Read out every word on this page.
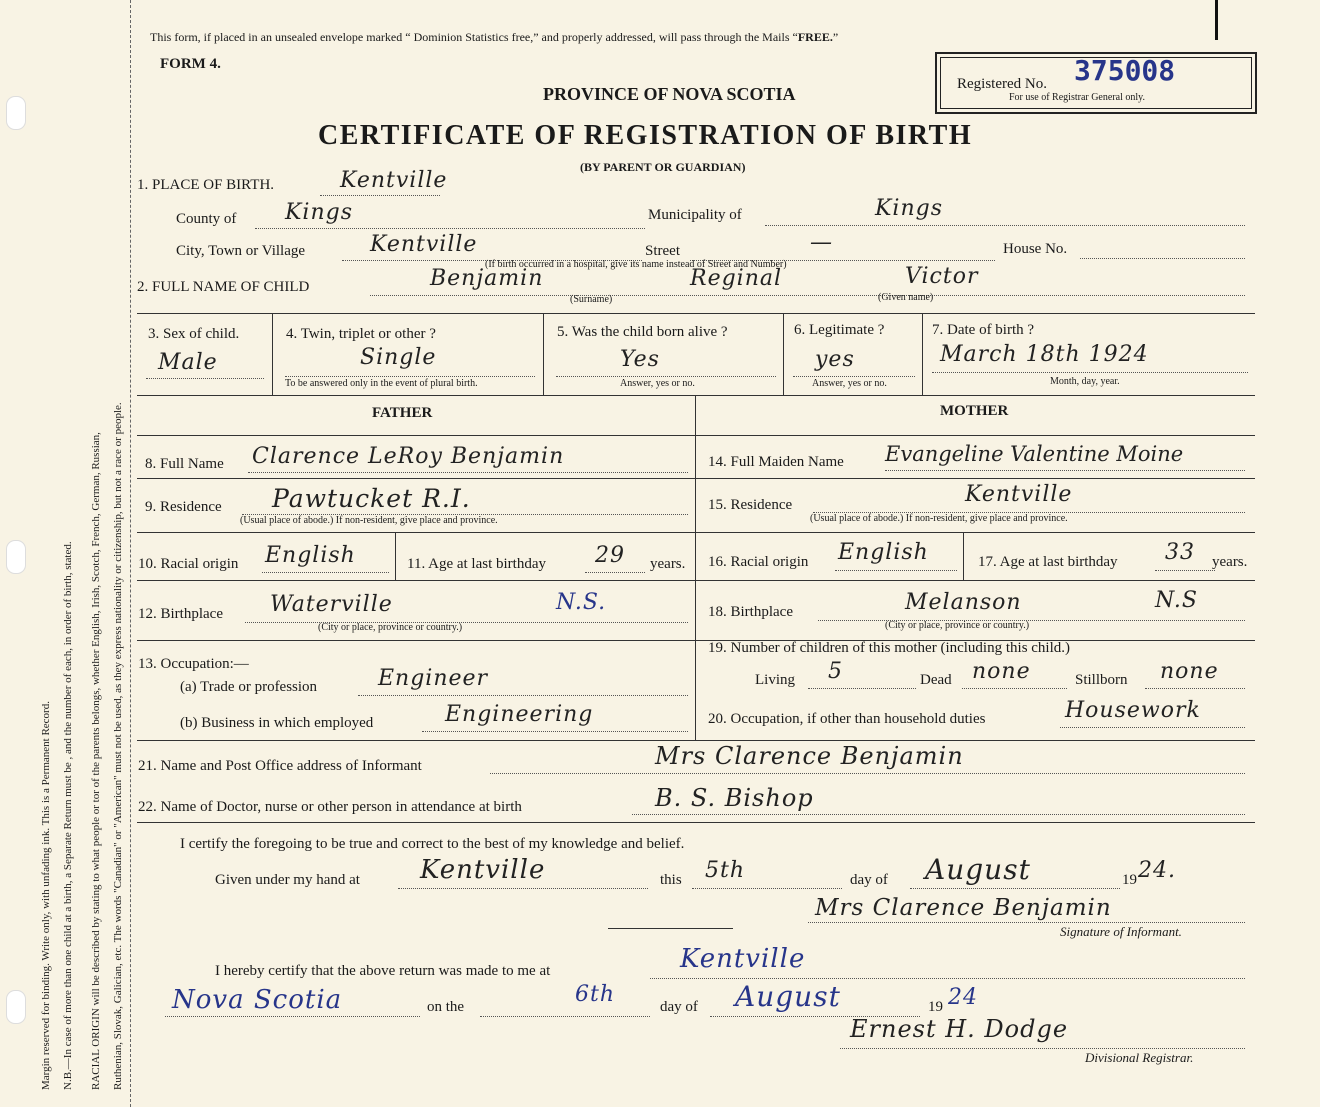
Margin reserved for binding. Write only, with unfading ink. This is a Permanent Record. N.B.—In case of more than one child at a birth, a Separate Return must be , and the number of each, in order of birth, stated. RACIAL ORIGIN will be described by stating to what people or tor of the parents belongs, whether English, Irish, Scotch, French, German, Russian, Ruthenian, Slovak, Galician, etc. The words "Canadian" or "American" must not be used, as they express nationality or citizenship, but not a race or people.
This form, if placed in an unsealed envelope marked “ Dominion Statistics free,” and properly addressed, will pass through the Mails “FREE.”
FORM 4.
PROVINCE OF NOVA SCOTIA
CERTIFICATE OF REGISTRATION OF BIRTH
(BY PARENT OR GUARDIAN)
Registered No. 375008
For use of Registrar General only.
1. PLACE OF BIRTH.	Kentville
County of Kings	Municipality of	Kings
City, Town or Village	Kentville	Street	—	House No.
(If birth occurred in a hospital, give its name instead of Street and Number)
2. FULL NAME OF CHILD	Benjamin	Reginal	Victor
(Surname)	(Given name)
3. Sex of child.
Male
4. Twin, triplet or other ?
Single
To be answered only in the event of plural birth.
5. Was the child born alive ?
Yes
Answer, yes or no.
6. Legitimate ?
yes
Answer, yes or no.
7. Date of birth ?
March 18th 1924
Month, day, year.
FATHER	MOTHER
8. Full Name Clarence LeRoy Benjamin
9. Residence Pawtucket R.I.
(Usual place of abode.) If non-resident, give place and province.
10. Racial origin English	11. Age at last birthday 29 years.
12. Birthplace Waterville	N.S.
(City or place, province or country.)
13. Occupation:—
(a) Trade or profession	Engineer
(b) Business in which employed	Engineering
14. Full Maiden Name Evangeline Valentine Moine
15. Residence	Kentville
(Usual place of abode.) If non-resident, give place and province.
16. Racial origin English	17. Age at last birthday 33 years.
18. Birthplace	Melanson	N.S
(City or place, province or country.)
19. Number of children of this mother (including this child.)
Living 5	Dead none	Stillborn none
20. Occupation, if other than household duties	Housework
21. Name and Post Office address of Informant	Mrs Clarence Benjamin
22. Name of Doctor, nurse or other person in attendance at birth	B. S. Bishop
I certify the foregoing to be true and correct to the best of my knowledge and belief.
Given under my hand at Kentville	this 5th	day of August	19 24.
Mrs Clarence Benjamin
Signature of Informant.
I hereby certify that the above return was made to me at	Kentville
Nova Scotia	on the	6th	day of August	19 24
Ernest H. Dodge
Divisional Registrar.
